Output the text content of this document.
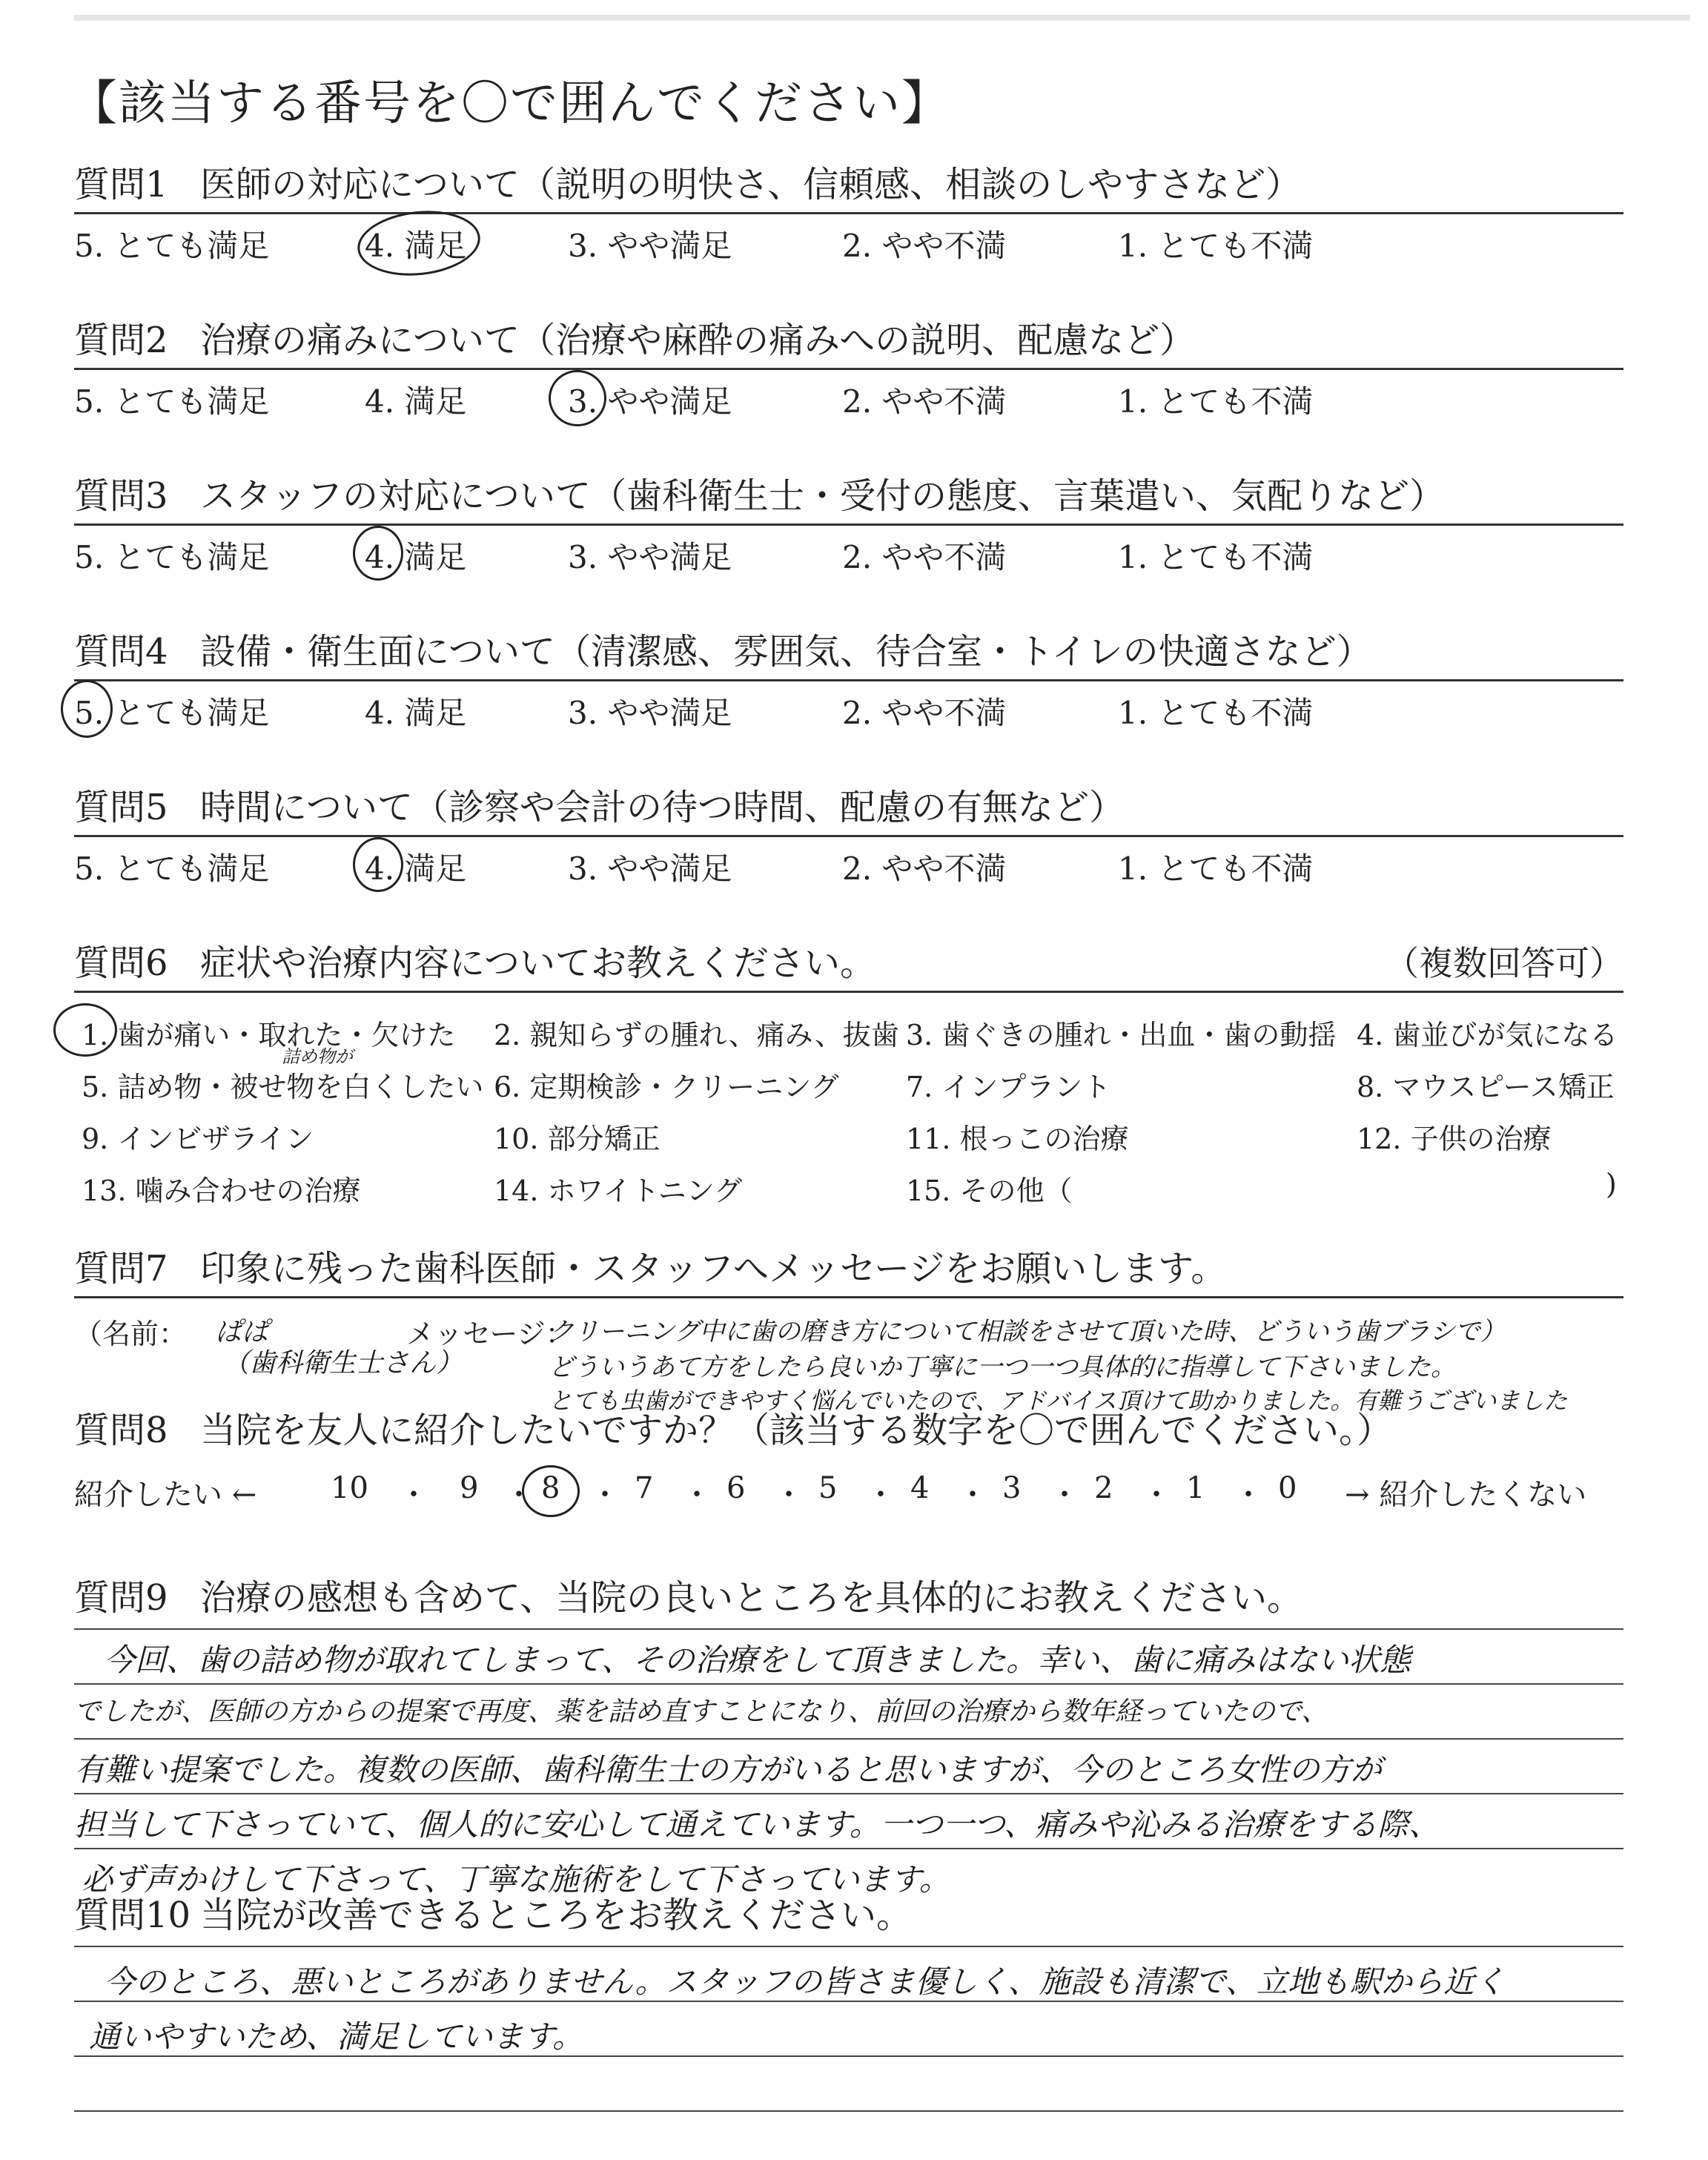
【該当する番号を〇で囲んでください】
質問1 医師の対応について（説明の明快さ、信頼感、相談のしやすさなど）
5. とても満足	4. 満足	3. やや満足	2. やや不満	1. とても不満
質問2 治療の痛みについて（治療や麻酔の痛みへの説明、配慮など）
5. とても満足	4. 満足	3. やや満足	2. やや不満	1. とても不満
質問3 スタッフの対応について（歯科衛生士・受付の態度、言葉遣い、気配りなど）
5. とても満足	4. 満足	3. やや満足	2. やや不満	1. とても不満
質問4 設備・衛生面について（清潔感、雰囲気、待合室・トイレの快適さなど）
5. とても満足	4. 満足	3. やや満足	2. やや不満	1. とても不満
質問5 時間について（診察や会計の待つ時間、配慮の有無など）
5. とても満足	4. 満足	3. やや満足	2. やや不満	1. とても不満
質問6 症状や治療内容についてお教えください。	（複数回答可）
1. 歯が痛い・取れた・欠けた 2. 親知らずの腫れ、痛み、抜歯 3. 歯ぐきの腫れ・出血・歯の動揺 4. 歯並びが気になる
5. 詰め物・被せ物を白くしたい 6. 定期検診・クリーニング 7. インプラント	8. マウスピース矯正
9. インビザライン	10. 部分矯正	11. 根っこの治療	12. 子供の治療
13. 噛み合わせの治療	14. ホワイトニング	15. その他（	)
詰め物が
質問7 印象に残った歯科医師・スタッフへメッセージをお願いします。
（名前： ぱぱ
（歯科衛生士さん）
メッセージ：
クリーニング中に歯の磨き方について相談をさせて頂いた時、どういう歯ブラシで）
どういうあて方をしたら良いか丁寧に一つ一つ具体的に指導して下さいました。
とても虫歯ができやすく悩んでいたので、アドバイス頂けて助かりました。有難うございました
質問8 当院を友人に紹介したいですか？（該当する数字を〇で囲んでください。）
紹介したい ← 10 ・ 9 ・ 8 ・ 7 ・ 6 ・ 5 ・ 4 ・ 3 ・ 2 ・ 1 ・ 0 → 紹介したくない
質問9 治療の感想も含めて、当院の良いところを具体的にお教えください。
今回、歯の詰め物が取れてしまって、その治療をして頂きました。幸い、歯に痛みはない状態
でしたが、医師の方からの提案で再度、薬を詰め直すことになり、前回の治療から数年経っていたので、
有難い提案でした。複数の医師、歯科衛生士の方がいると思いますが、今のところ女性の方が
担当して下さっていて、個人的に安心して通えています。一つ一つ、痛みや沁みる治療をする際、
必ず声かけして下さって、丁寧な施術をして下さっています。
質問10 当院が改善できるところをお教えください。
今のところ、悪いところがありません。スタッフの皆さま優しく、施設も清潔で、立地も駅から近く
通いやすいため、満足しています。
